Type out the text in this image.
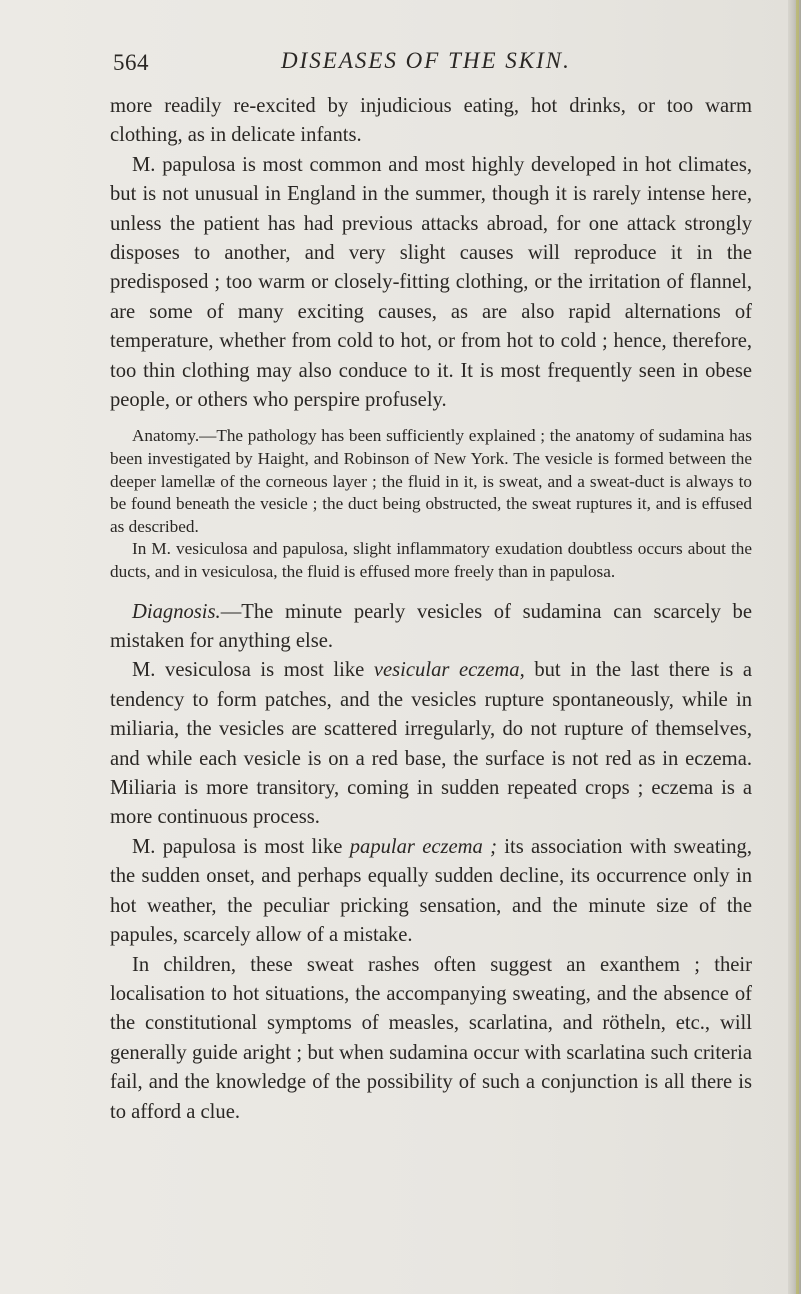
564	DISEASES OF THE SKIN.

more readily re-excited by injudicious eating, hot drinks, or too warm clothing, as in delicate infants.

M. papulosa is most common and most highly developed in hot climates, but is not unusual in England in the summer, though it is rarely intense here, unless the patient has had previous attacks abroad, for one attack strongly disposes to another, and very slight causes will reproduce it in the predisposed ; too warm or closely-fitting clothing, or the irritation of flannel, are some of many exciting causes, as are also rapid alternations of temperature, whether from cold to hot, or from hot to cold ; hence, therefore, too thin clothing may also conduce to it. It is most frequently seen in obese people, or others who perspire profusely.

Anatomy.—The pathology has been sufficiently explained ; the anatomy of sudamina has been investigated by Haight, and Robinson of New York. The vesicle is formed between the deeper lamellæ of the corneous layer ; the fluid in it, is sweat, and a sweat-duct is always to be found beneath the vesicle ; the duct being obstructed, the sweat ruptures it, and is effused as described.

In M. vesiculosa and papulosa, slight inflammatory exudation doubtless occurs about the ducts, and in vesiculosa, the fluid is effused more freely than in papulosa.

Diagnosis.—The minute pearly vesicles of sudamina can scarcely be mistaken for anything else.

M. vesiculosa is most like vesicular eczema, but in the last there is a tendency to form patches, and the vesicles rupture spontaneously, while in miliaria, the vesicles are scattered irregularly, do not rupture of themselves, and while each vesicle is on a red base, the surface is not red as in eczema. Miliaria is more transitory, coming in sudden repeated crops ; eczema is a more continuous process.

M. papulosa is most like papular eczema ; its association with sweating, the sudden onset, and perhaps equally sudden decline, its occurrence only in hot weather, the peculiar pricking sensation, and the minute size of the papules, scarcely allow of a mistake.

In children, these sweat rashes often suggest an exanthem ; their localisation to hot situations, the accompanying sweating, and the absence of the constitutional symptoms of measles, scarlatina, and rötheln, etc., will generally guide aright ; but when sudamina occur with scarlatina such criteria fail, and the knowledge of the possibility of such a conjunction is all there is to afford a clue.
